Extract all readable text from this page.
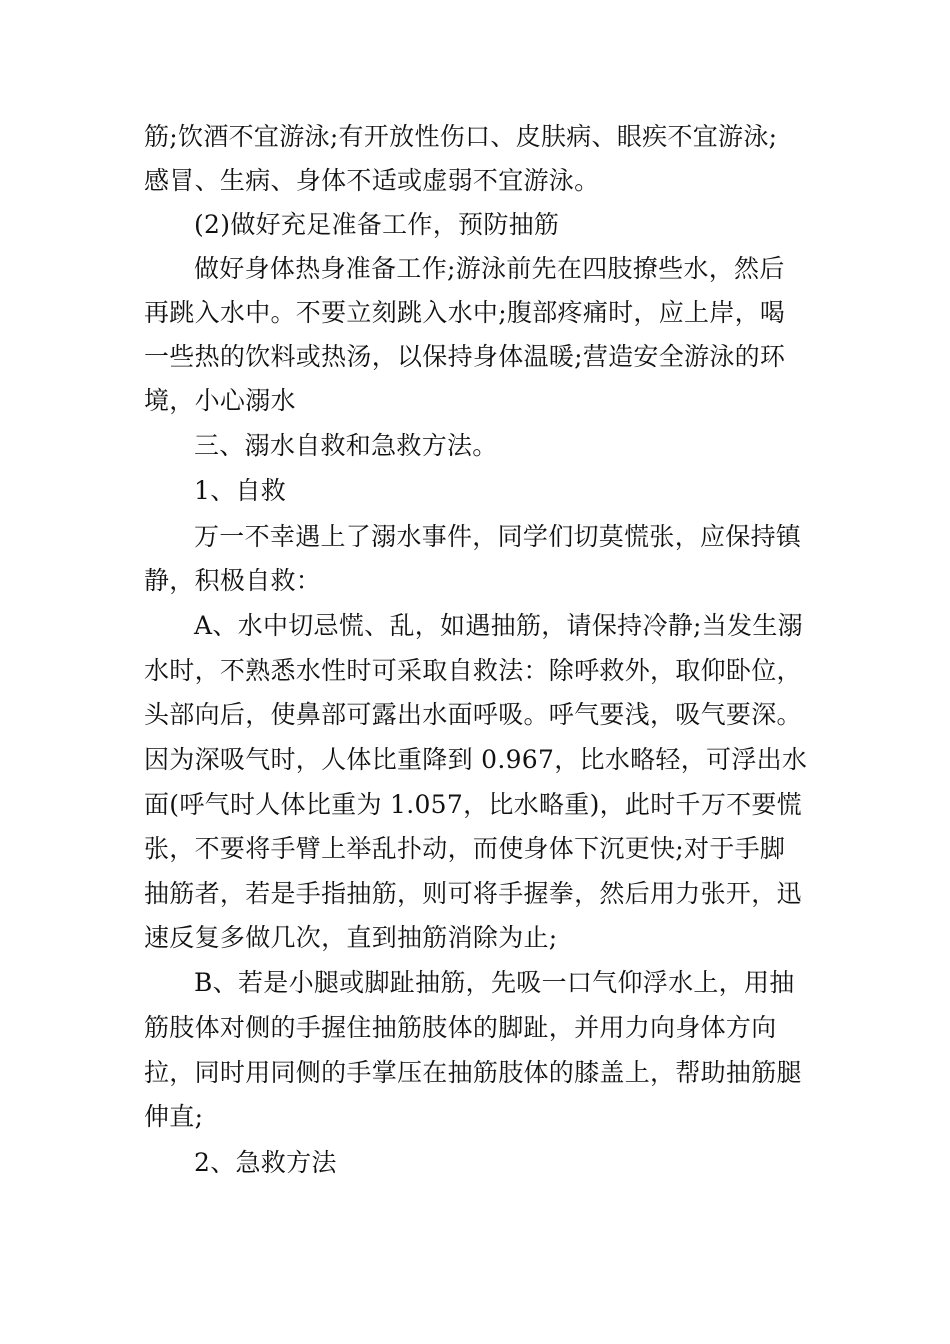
筋;饮酒不宜游泳;有开放性伤口、皮肤病、眼疾不宜游泳;
感冒、生病、身体不适或虚弱不宜游泳。
(2)做好充足准备工作，预防抽筋
做好身体热身准备工作;游泳前先在四肢撩些水，然后
再跳入水中。不要立刻跳入水中;腹部疼痛时，应上岸，喝
一些热的饮料或热汤，以保持身体温暖;营造安全游泳的环
境，小心溺水
三、溺水自救和急救方法。
1、自救
万一不幸遇上了溺水事件，同学们切莫慌张，应保持镇
静，积极自救：
A、水中切忌慌、乱，如遇抽筋，请保持冷静;当发生溺
水时，不熟悉水性时可采取自救法：除呼救外，取仰卧位，
头部向后，使鼻部可露出水面呼吸。呼气要浅，吸气要深。
因为深吸气时，人体比重降到 0.967，比水略轻，可浮出水
面(呼气时人体比重为 1.057，比水略重)，此时千万不要慌
张，不要将手臂上举乱扑动，而使身体下沉更快;对于手脚
抽筋者，若是手指抽筋，则可将手握拳，然后用力张开，迅
速反复多做几次，直到抽筋消除为止;
B、若是小腿或脚趾抽筋，先吸一口气仰浮水上，用抽
筋肢体对侧的手握住抽筋肢体的脚趾，并用力向身体方向
拉，同时用同侧的手掌压在抽筋肢体的膝盖上，帮助抽筋腿
伸直;
2、急救方法
